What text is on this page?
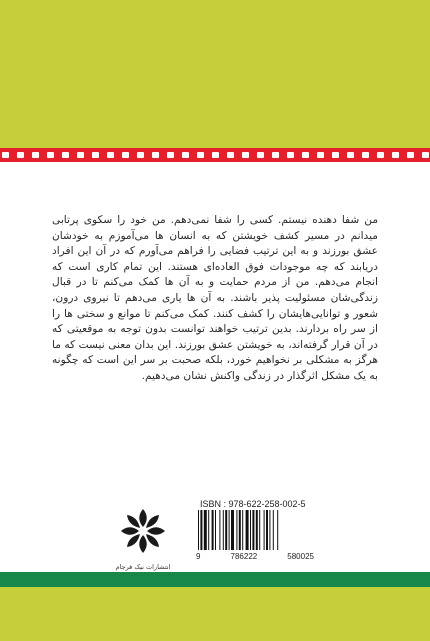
من شفا دهنده نیستم. کسی را شفا نمی‌دهم. من خود را سکوی پرتابی میدانم در مسیر کشف خویشتن که به انسان ها می‌آموزم به خودشان عشق بورزند و به این ترتیب فضایی را فراهم می‌آورم که در آن این افراد دریابند که چه موجودات فوق العاده‌ای هستند. این تمام کاری است که انجام می‌دهم. من از مردم حمایت و به آن ها کمک می‌کنم تا در قبال زندگی‌شان مسئولیت پذیر باشند. به آن ها یاری می‌دهم تا نیروی درون، شعور و توانایی‌هایشان را کشف کنند. کمک می‌کنم تا موانع و سختی ها را از سر راه بردارند. بدین ترتیب خواهند توانست بدون توجه به موقعیتی که در آن قرار گرفته‌اند، به خویشتن عشق بورزند. این بدان معنی نیست که ما هرگز به مشکلی بر نخواهیم خورد، بلکه صحبت بر سر این است که چگونه به یک مشکل اثرگذار در زندگی واکنش نشان می‌دهیم.

ISBN : 978-622-258-002-5
9	786222	580025
انتشارات نیک فرجام
